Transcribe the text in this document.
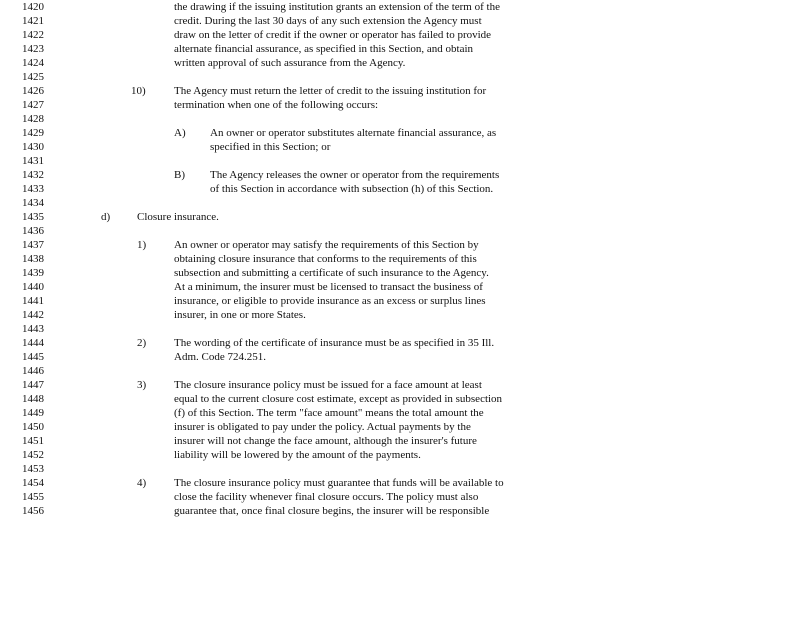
1420	the drawing if the issuing institution grants an extension of the term of the
1421	credit. During the last 30 days of any such extension the Agency must
1422	draw on the letter of credit if the owner or operator has failed to provide
1423	alternate financial assurance, as specified in this Section, and obtain
1424	written approval of such assurance from the Agency.
1425
1426	10)	The Agency must return the letter of credit to the issuing institution for
1427	termination when one of the following occurs:
1428
1429	A) An owner or operator substitutes alternate financial assurance, as
1430	specified in this Section; or
1431
1432	B) The Agency releases the owner or operator from the requirements
1433	of this Section in accordance with subsection (h) of this Section.
1434
1435	d) Closure insurance.
1436
1437	1)	An owner or operator may satisfy the requirements of this Section by
1438	obtaining closure insurance that conforms to the requirements of this
1439	subsection and submitting a certificate of such insurance to the Agency.
1440	At a minimum, the insurer must be licensed to transact the business of
1441	insurance, or eligible to provide insurance as an excess or surplus lines
1442	insurer, in one or more States.
1443
1444	2)	The wording of the certificate of insurance must be as specified in 35 Ill.
1445	Adm. Code 724.251.
1446
1447	3)	The closure insurance policy must be issued for a face amount at least
1448	equal to the current closure cost estimate, except as provided in subsection
1449	(f) of this Section. The term "face amount" means the total amount the
1450	insurer is obligated to pay under the policy. Actual payments by the
1451	insurer will not change the face amount, although the insurer's future
1452	liability will be lowered by the amount of the payments.
1453
1454	4)	The closure insurance policy must guarantee that funds will be available to
1455	close the facility whenever final closure occurs. The policy must also
1456	guarantee that, once final closure begins, the insurer will be responsible
